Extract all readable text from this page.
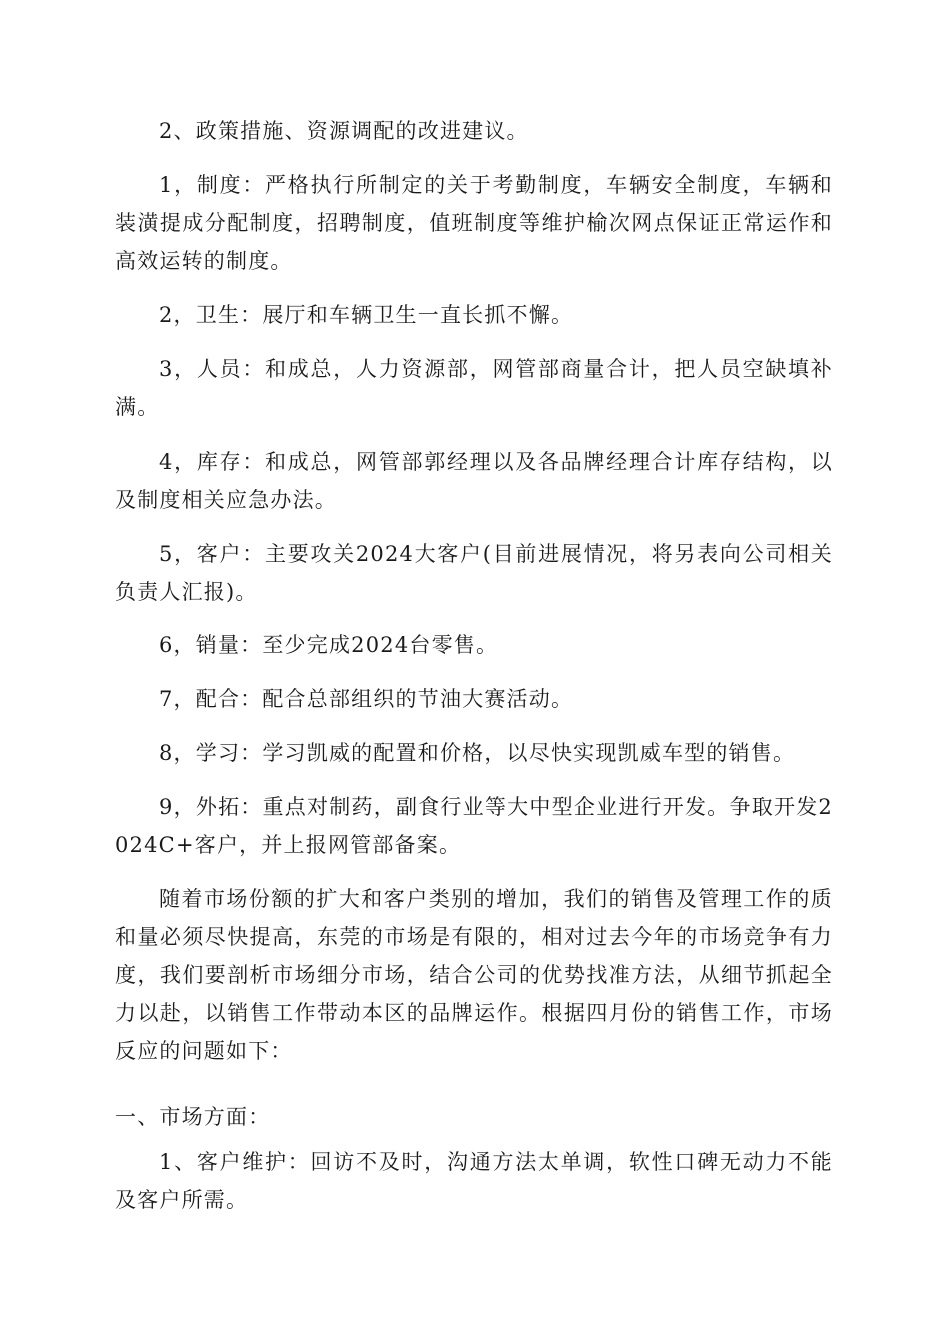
2、政策措施、资源调配的改进建议。

1，制度：严格执行所制定的关于考勤制度，车辆安全制度，车辆和装潢提成分配制度，招聘制度，值班制度等维护榆次网点保证正常运作和高效运转的制度。

2，卫生：展厅和车辆卫生一直长抓不懈。

3，人员：和成总，人力资源部，网管部商量合计，把人员空缺填补满。

4，库存：和成总，网管部郭经理以及各品牌经理合计库存结构，以及制度相关应急办法。

5，客户：主要攻关2024大客户(目前进展情况，将另表向公司相关负责人汇报)。

6，销量：至少完成2024台零售。

7，配合：配合总部组织的节油大赛活动。

8，学习：学习凯威的配置和价格，以尽快实现凯威车型的销售。

9，外拓：重点对制药，副食行业等大中型企业进行开发。争取开发2024C+客户，并上报网管部备案。

随着市场份额的扩大和客户类别的增加，我们的销售及管理工作的质和量必须尽快提高，东莞的市场是有限的，相对过去今年的市场竞争有力度，我们要剖析市场细分市场，结合公司的优势找准方法，从细节抓起全力以赴，以销售工作带动本区的品牌运作。根据四月份的销售工作，市场反应的问题如下：

一、市场方面：

1、客户维护：回访不及时，沟通方法太单调，软性口碑无动力不能及客户所需。
